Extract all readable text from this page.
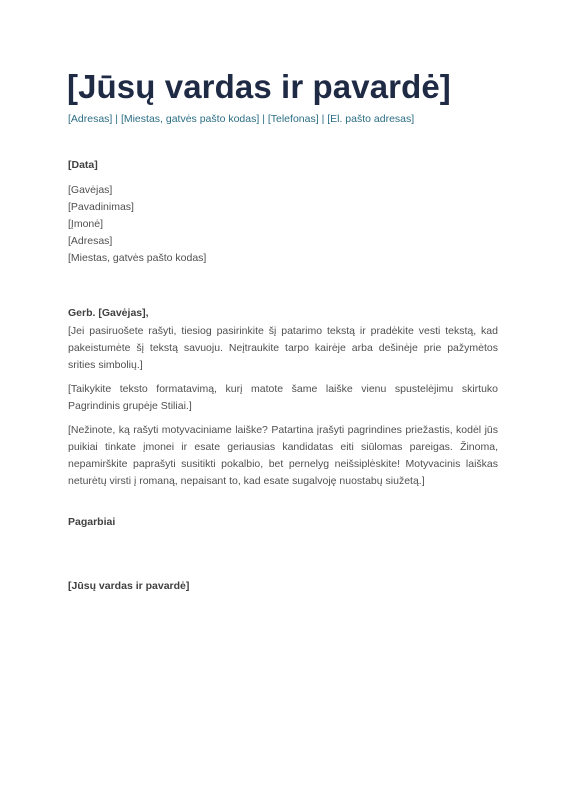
[Jūsų vardas ir pavardė]
[Adresas] | [Miestas, gatvės pašto kodas] | [Telefonas] | [El. pašto adresas]
[Data]
[Gavėjas]
[Pavadinimas]
[Įmonė]
[Adresas]
[Miestas, gatvės pašto kodas]
Gerb. [Gavėjas],

[Jei pasiruošete rašyti, tiesiog pasirinkite šį patarimo tekstą ir pradėkite vesti tekstą, kad pakeistumėte šį tekstą savuoju. Neįtraukite tarpo kairėje arba dešinėje prie pažymėtos srities simbolių.]

[Taikykite teksto formatavimą, kurį matote šame laiške vienu spustelėjimu skirtuko Pagrindinis grupėje Stiliai.]

[Nežinote, ką rašyti motyvaciniame laiške? Patartina įrašyti pagrindines priežastis, kodėl jūs puikiai tinkate įmonei ir esate geriausias kandidatas eiti siūlomas pareigas. Žinoma, nepamirškite paprašyti susitikti pokalbio, bet pernelyg neišsiplėskite! Motyvacinis laiškas neturėtų virsti į romaną, nepaisant to, kad esate sugalvoję nuostabų siužetą.]

Pagarbiai
[Jūsų vardas ir pavardė]
